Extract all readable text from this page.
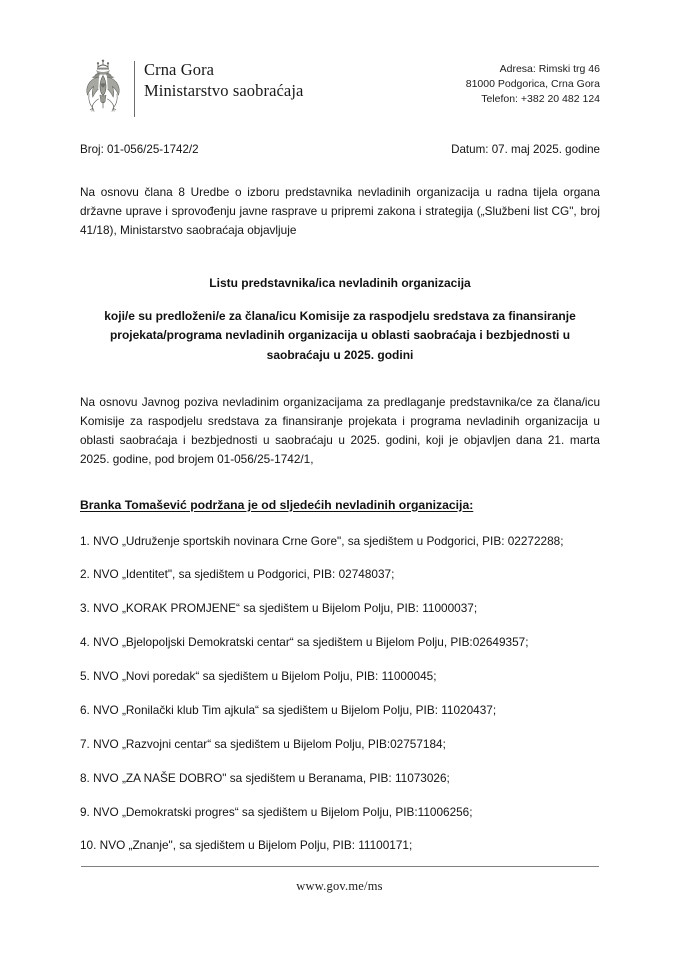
Crna Gora
Ministarstvo saobraćaja
Adresa: Rimski trg 46
81000 Podgorica, Crna Gora
Telefon: +382 20 482 124
Broj: 01-056/25-1742/2	Datum: 07. maj 2025. godine

Na osnovu člana 8 Uredbe o izboru predstavnika nevladinih organizacija u radna tijela organa državne uprave i sprovođenju javne rasprave u pripremi zakona i strategija („Službeni list CG", broj 41/18), Ministarstvo saobraćaja objavljuje

Listu predstavnika/ica nevladinih organizacija
koji/e su predloženi/e za člana/icu Komisije za raspodjelu sredstava za finansiranje projekata/programa nevladinih organizacija u oblasti saobraćaja i bezbjednosti u saobraćaju u 2025. godini

Na osnovu Javnog poziva nevladinim organizacijama za predlaganje predstavnika/ce za člana/icu Komisije za raspodjelu sredstava za finansiranje projekata i programa nevladinih organizacija u oblasti saobraćaja i bezbjednosti u saobraćaju u 2025. godini, koji je objavljen dana 21. marta 2025. godine, pod brojem 01-056/25-1742/1,

Branka Tomašević podržana je od sljedećih nevladinih organizacija:
1. NVO „Udruženje sportskih novinara Crne Gore", sa sjedištem u Podgorici, PIB: 02272288;
2. NVO „Identitet", sa sjedištem u Podgorici, PIB: 02748037;
3. NVO „KORAK PROMJENE“ sa sjedištem u Bijelom Polju, PIB: 11000037;
4. NVO „Bjelopoljski Demokratski centar“ sa sjedištem u Bijelom Polju, PIB:02649357;
5. NVO „Novi poredak“ sa sjedištem u Bijelom Polju, PIB: 11000045;
6. NVO „Ronilački klub Tim ajkula“ sa sjedištem u Bijelom Polju, PIB: 11020437;
7. NVO „Razvojni centar“ sa sjedištem u Bijelom Polju, PIB:02757184;
8. NVO „ZA NAŠE DOBRO" sa sjedištem u Beranama, PIB: 11073026;
9. NVO „Demokratski progres“ sa sjedištem u Bijelom Polju, PIB:11006256;
10. NVO „Znanje", sa sjedištem u Bijelom Polju, PIB: 11100171;
www.gov.me/ms
